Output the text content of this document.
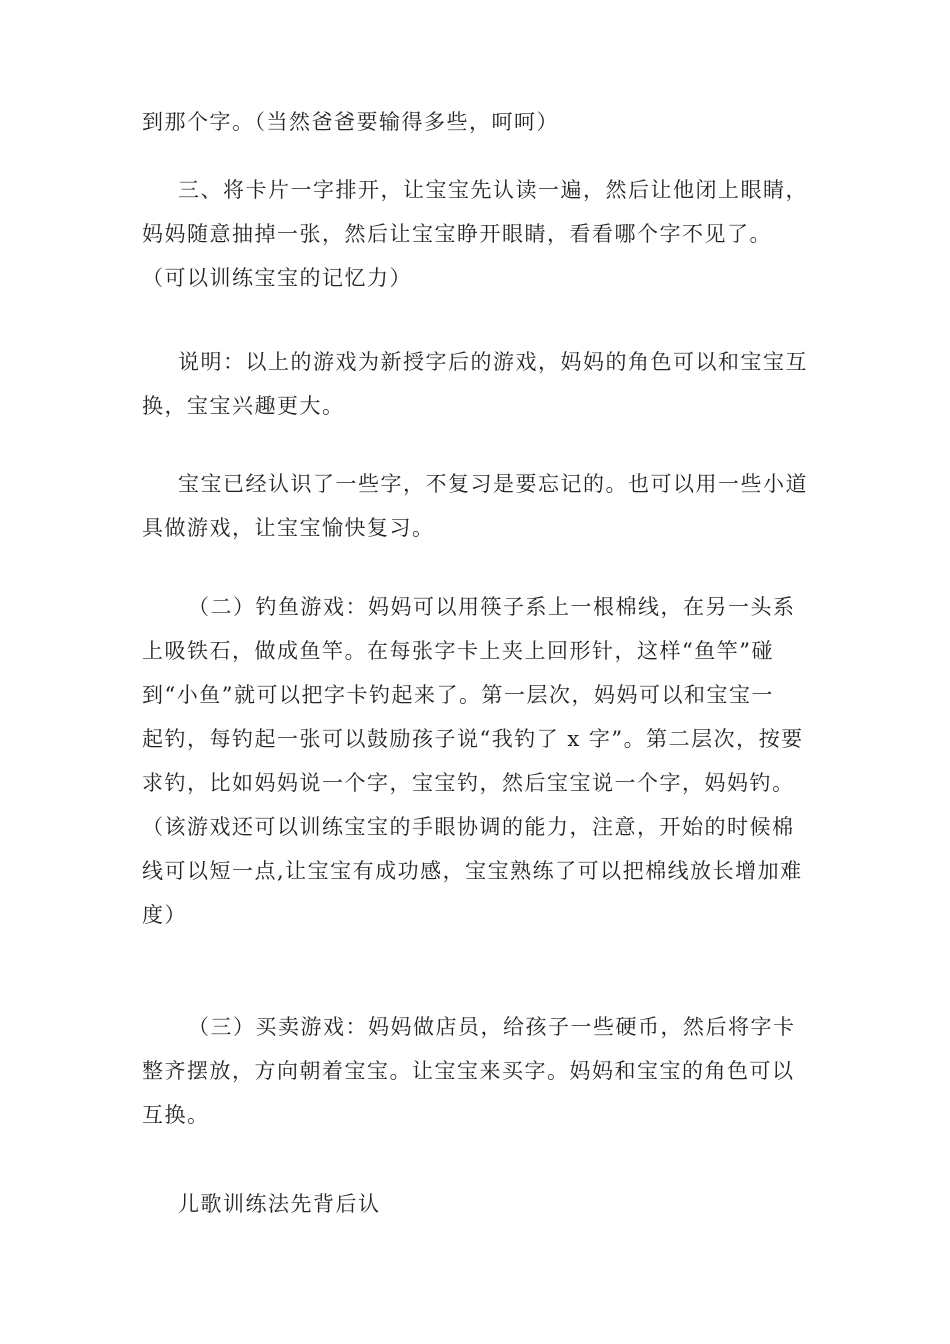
到那个字。（当然爸爸要输得多些，呵呵）

三、将卡片一字排开，让宝宝先认读一遍，然后让他闭上眼睛，
妈妈随意抽掉一张，然后让宝宝睁开眼睛，看看哪个字不见了。
（可以训练宝宝的记忆力）

说明：以上的游戏为新授字后的游戏，妈妈的角色可以和宝宝互
换，宝宝兴趣更大。

宝宝已经认识了一些字，不复习是要忘记的。也可以用一些小道
具做游戏，让宝宝愉快复习。

（二）钓鱼游戏：妈妈可以用筷子系上一根棉线，在另一头系
上吸铁石，做成鱼竿。在每张字卡上夹上回形针，这样“鱼竿”碰
到“小鱼”就可以把字卡钓起来了。第一层次，妈妈可以和宝宝一
起钓，每钓起一张可以鼓励孩子说“我钓了 x 字”。第二层次，按要
求钓，比如妈妈说一个字，宝宝钓，然后宝宝说一个字，妈妈钓。
（该游戏还可以训练宝宝的手眼协调的能力，注意，开始的时候棉
线可以短一点,让宝宝有成功感，宝宝熟练了可以把棉线放长增加难
度）

（三）买卖游戏：妈妈做店员，给孩子一些硬币，然后将字卡
整齐摆放，方向朝着宝宝。让宝宝来买字。妈妈和宝宝的角色可以
互换。

儿歌训练法先背后认
